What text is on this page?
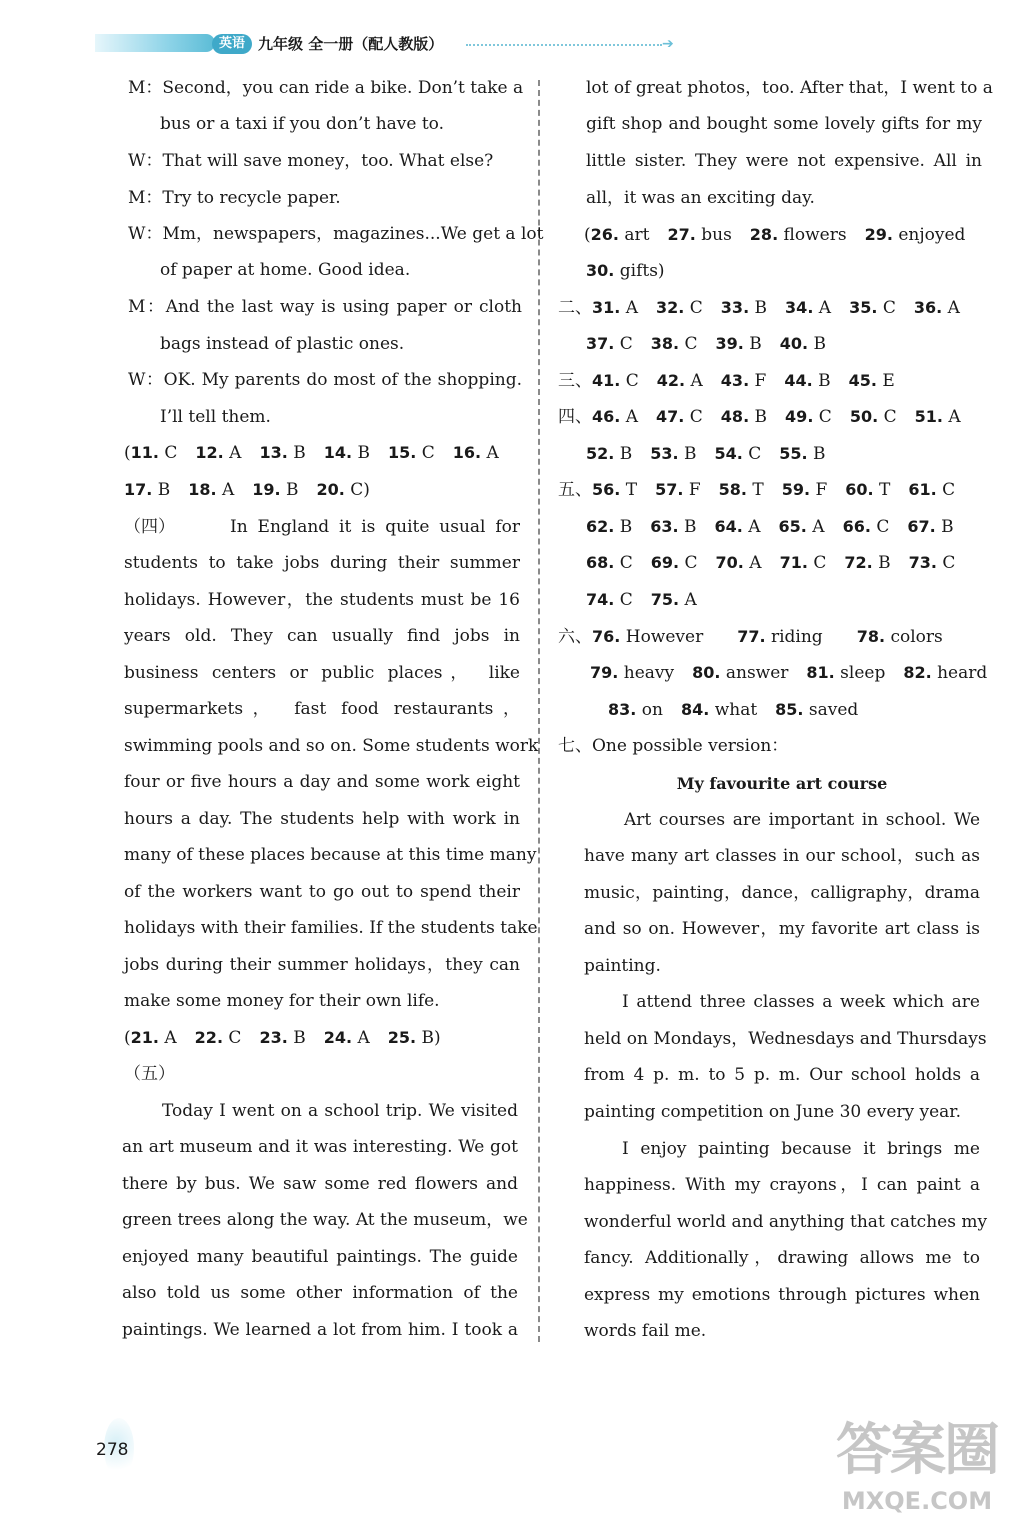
英语 九年级 全一册（配人教版）	➔
M：Second，you can ride a bike. Don’t take a
bus or a taxi if you don’t have to.
W：That will save money，too. What else?
M：Try to recycle paper.
W：Mm，newspapers，magazines...We get a lot
of paper at home. Good idea.
M：And the last way is using paper or cloth
bags instead of plastic ones.
W：OK. My parents do most of the shopping.
I’ll tell them.
(11. C 12. A 13. B 14. B 15. C 16. A
17. B 18. A 19. B 20. C)
（四）	In England it is quite usual for
students to take jobs during their summer
holidays. However，the students must be 16
years old. They can usually find jobs in
business centers or public places， like
supermarkets， fast food restaurants，
swimming pools and so on. Some students work
four or five hours a day and some work eight
hours a day. The students help with work in
many of these places because at this time many
of the workers want to go out to spend their
holidays with their families. If the students take
jobs during their summer holidays，they can
make some money for their own life.
(21. A 22. C 23. B 24. A 25. B)
（五）
Today I went on a school trip. We visited
an art museum and it was interesting. We got
there by bus. We saw some red flowers and
green trees along the way. At the museum，we
enjoyed many beautiful paintings. The guide
also told us some other information of the
paintings. We learned a lot from him. I took a
lot of great photos，too. After that，I went to a
gift shop and bought some lovely gifts for my
little sister. They were not expensive. All in
all，it was an exciting day.
(26. art 27. bus 28. flowers 29. enjoyed
30. gifts)
二、31. A 32. C 33. B 34. A 35. C 36. A
37. C 38. C 39. B 40. B
三、41. C 42. A 43. F 44. B 45. E
四、46. A 47. C 48. B 49. C 50. C 51. A
52. B 53. B 54. C 55. B
五、56. T 57. F 58. T 59. F 60. T 61. C
62. B 63. B 64. A 65. A 66. C 67. B
68. C 69. C 70. A 71. C 72. B 73. C
74. C 75. A
六、76. However 77. riding 78. colors
79. heavy 80. answer 81. sleep 82. heard
83. on 84. what 85. saved
七、One possible version：
My favourite art course
Art courses are important in school. We
have many art classes in our school，such as
music，painting，dance，calligraphy，drama
and so on. However，my favorite art class is
painting.
I attend three classes a week which are
held on Mondays，Wednesdays and Thursdays
from 4 p. m. to 5 p. m. Our school holds a
painting competition on June 30 every year.
I enjoy painting because it brings me
happiness. With my crayons，I can paint a
wonderful world and anything that catches my
fancy. Additionally，drawing allows me to
express my emotions through pictures when
words fail me.
278	答案圈
MXQE.COM
